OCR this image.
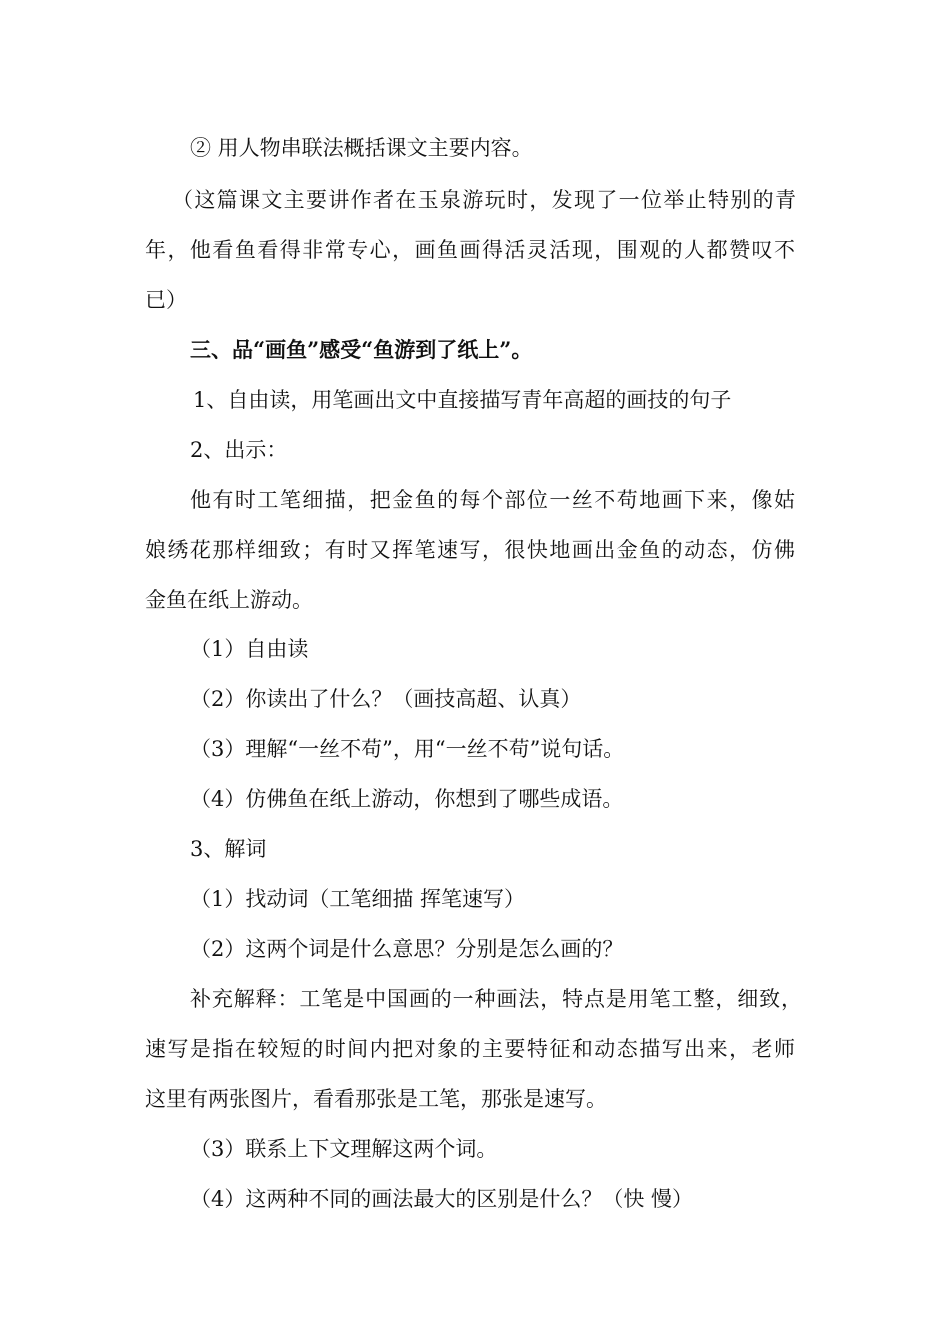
② 用人物串联法概括课文主要内容。
（这篇课文主要讲作者在玉泉游玩时，发现了一位举止特别的青
年，他看鱼看得非常专心，画鱼画得活灵活现，围观的人都赞叹不
已）
三、品“画鱼”感受“鱼游到了纸上”。
1、自由读，用笔画出文中直接描写青年高超的画技的句子
2、出示：
他有时工笔细描，把金鱼的每个部位一丝不苟地画下来，像姑
娘绣花那样细致；有时又挥笔速写，很快地画出金鱼的动态，仿佛
金鱼在纸上游动。
（1）自由读
（2）你读出了什么？（画技高超、认真）
（3）理解“一丝不苟”，用“一丝不苟”说句话。
（4）仿佛鱼在纸上游动，你想到了哪些成语。
3、解词
（1）找动词（工笔细描 挥笔速写）
（2）这两个词是什么意思？分别是怎么画的？
补充解释：工笔是中国画的一种画法，特点是用笔工整，细致，
速写是指在较短的时间内把对象的主要特征和动态描写出来，老师
这里有两张图片，看看那张是工笔，那张是速写。
（3）联系上下文理解这两个词。
（4）这两种不同的画法最大的区别是什么？（快 慢）
